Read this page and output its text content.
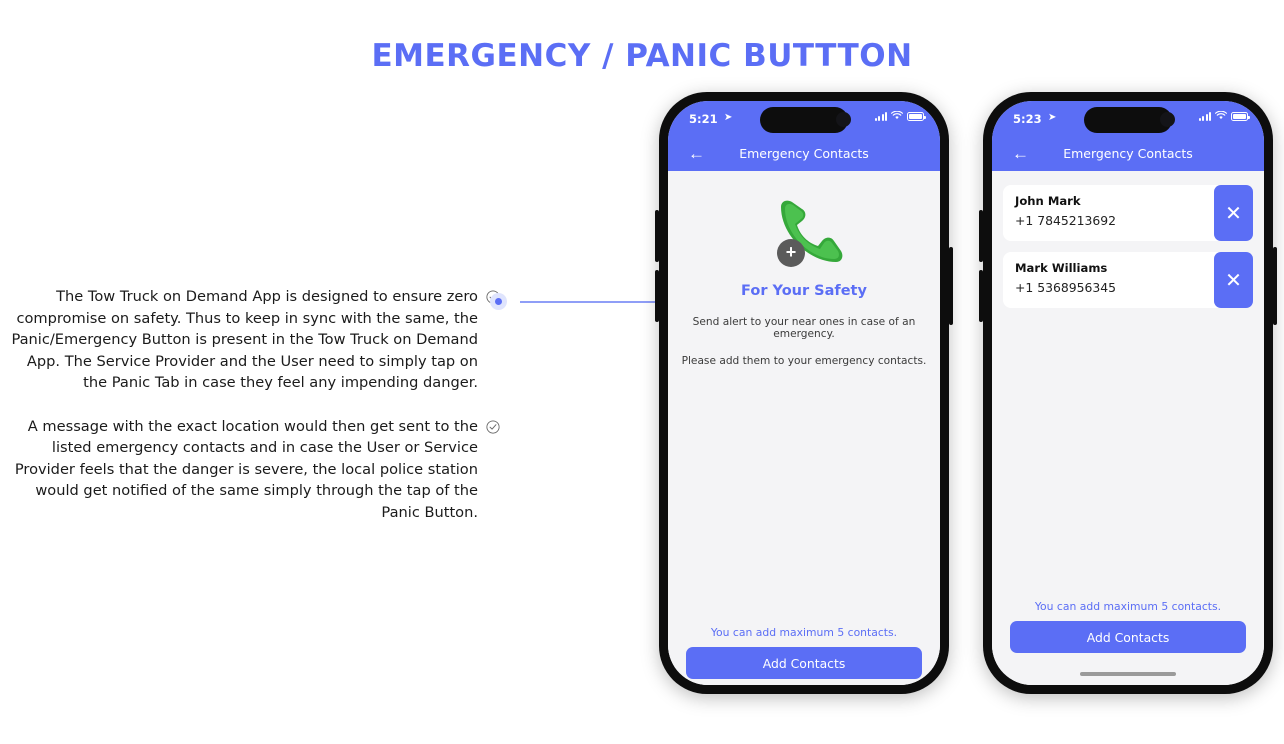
EMERGENCY / PANIC BUTTTON
The Tow Truck on Demand App is designed to ensure zero compromise on safety. Thus to keep in sync with the same, the Panic/Emergency Button is present in the Tow Truck on Demand App. The Service Provider and the User need to simply tap on the Panic Tab in case they feel any impending danger.
A message with the exact location would then get sent to the listed emergency contacts and in case the User or Service Provider feels that the danger is severe, the local police station would get notified of the same simply through the tap of the Panic Button.
5:21 ➤
←	Emergency Contacts
+
For Your Safety
Send alert to your near ones in case of an emergency.
Please add them to your emergency contacts.
You can add maximum 5 contacts.
Add Contacts
5:23 ➤
←	Emergency Contacts
John Mark
+1 7845213692	✕
Mark Williams
+1 5368956345	✕
You can add maximum 5 contacts.
Add Contacts
